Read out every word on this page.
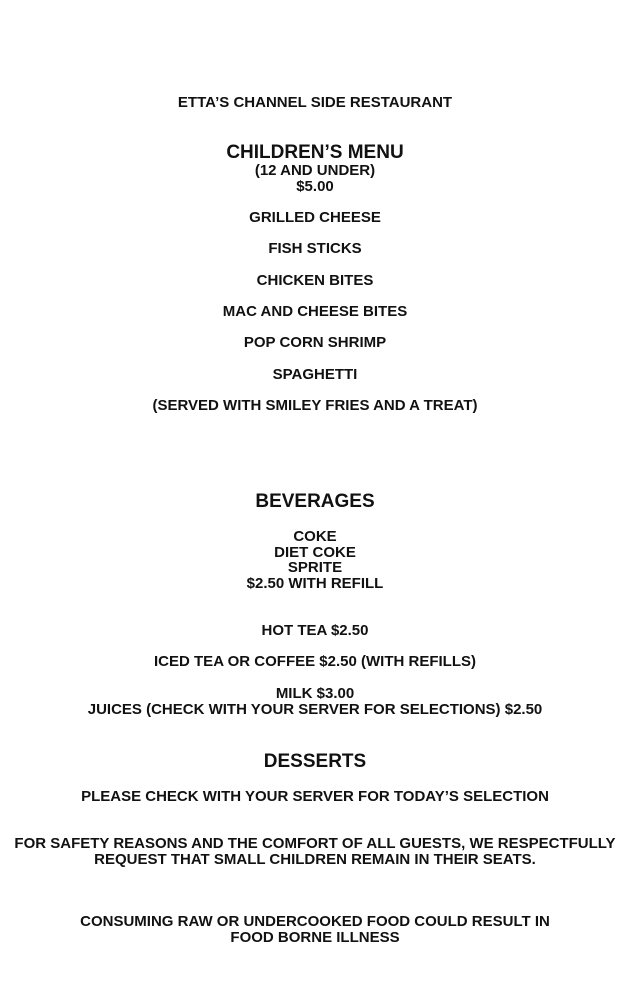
ETTA’S CHANNEL SIDE RESTAURANT
CHILDREN’S MENU
(12 AND UNDER)
$5.00
GRILLED CHEESE
FISH STICKS
CHICKEN BITES
MAC AND CHEESE BITES
POP CORN SHRIMP
SPAGHETTI
(SERVED WITH SMILEY FRIES AND A TREAT)
BEVERAGES
COKE
DIET COKE
SPRITE
$2.50 WITH REFILL
HOT TEA $2.50
ICED TEA OR COFFEE $2.50 (WITH REFILLS)
MILK $3.00
JUICES (CHECK WITH YOUR SERVER FOR SELECTIONS) $2.50
DESSERTS
PLEASE CHECK WITH YOUR SERVER FOR TODAY’S SELECTION
FOR SAFETY REASONS AND THE COMFORT OF ALL GUESTS, WE RESPECTFULLY
REQUEST THAT SMALL CHILDREN REMAIN IN THEIR SEATS.
CONSUMING RAW OR UNDERCOOKED FOOD COULD RESULT IN
FOOD BORNE ILLNESS
